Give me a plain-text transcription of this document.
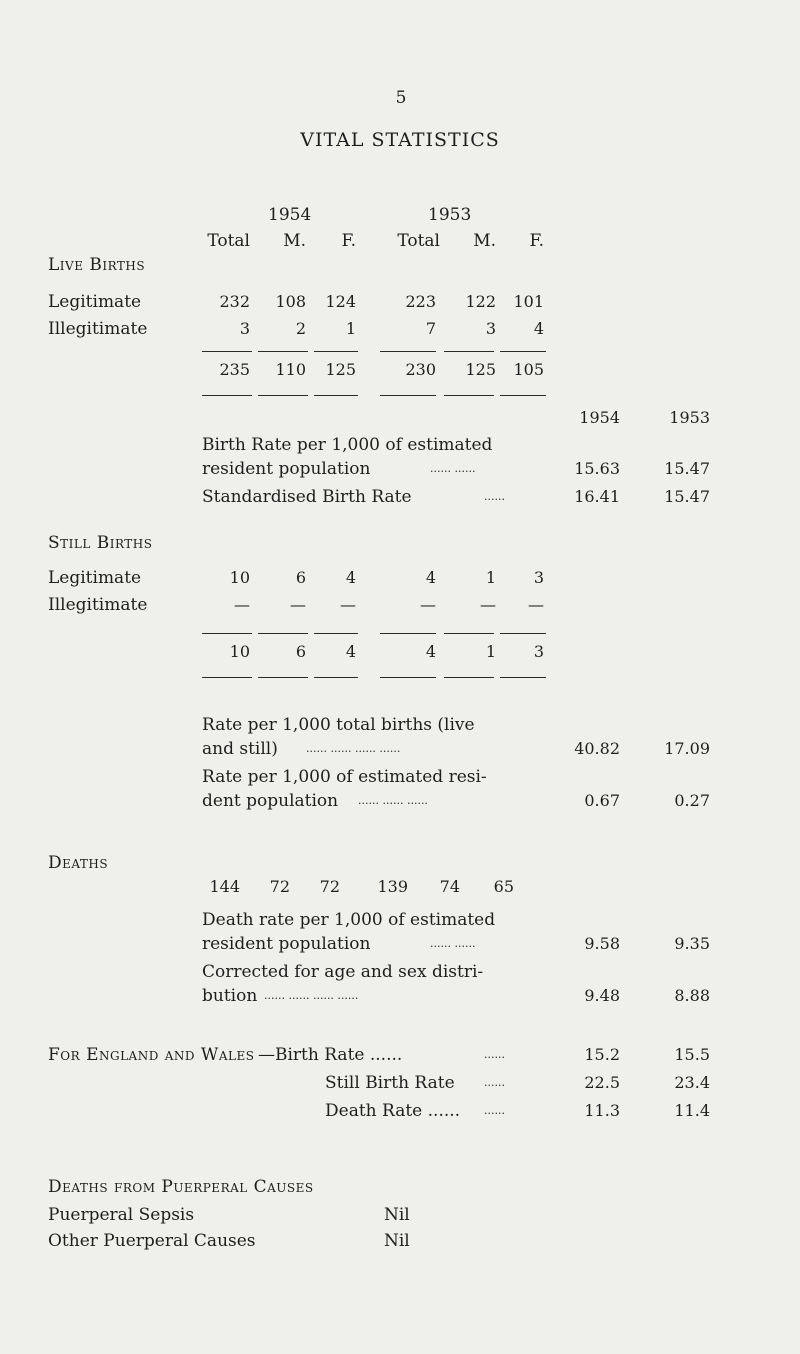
5
VITAL STATISTICS
1954	1953
Total	M.	F.	Total	M.	F.
Live Births
Legitimate	232	108	124	223	122	101
Illegitimate	3	2	1	7	3	4
235	110	125	230	125	105
1954	1953
Birth Rate per 1,000 of estimated
resident population	...... ......	15.63	15.47
Standardised Birth Rate	......	16.41	15.47
Still Births
Legitimate	10	6	4	4	1	3
Illegitimate	—	—	—	—	—	—
10	6	4	4	1	3
Rate per 1,000 total births (live
and still)	...... ...... ...... ......	40.82	17.09
Rate per 1,000 of estimated resi-
dent population ...... ...... ......	0.67	0.27
Deaths
144	72	72	139	74	65
Death rate per 1,000 of estimated
resident population	...... ......	9.58	9.35
Corrected for age and sex distri-
bution ...... ...... ...... ......	9.48	8.88
For England and Wales —Birth Rate ......	......	15.2	15.5
Still Birth Rate	......	22.5	23.4
Death Rate ...... ......	11.3	11.4
Deaths from Puerperal Causes
Puerperal Sepsis	Nil
Other Puerperal Causes	Nil
